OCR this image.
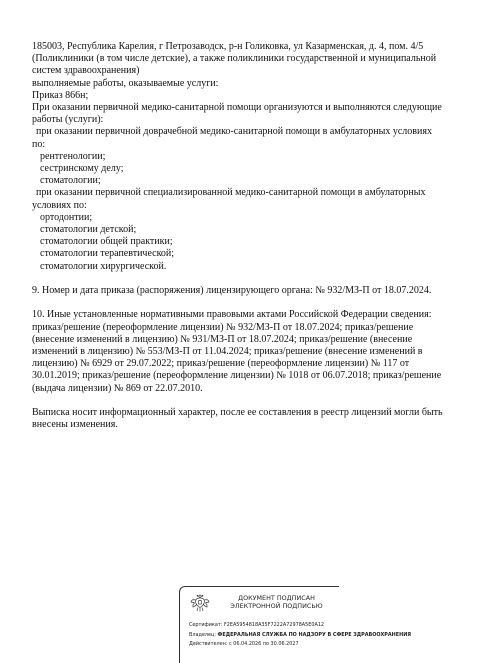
185003, Республика Карелия, г Петрозаводск, р-н Голиковка, ул Казарменская, д. 4, пом. 4/5
(Поликлиники (в том числе детские), а также поликлиники государственной и муниципальной
систем здравоохранения)
выполняемые работы, оказываемые услуги:
Приказ 866н;
При оказании первичной медико-санитарной помощи организуются и выполняются следующие
работы (услуги):
при оказании первичной доврачебной медико-санитарной помощи в амбулаторных условиях
по:
рентгенологии;
сестринскому делу;
стоматологии;
при оказании первичной специализированной медико-санитарной помощи в амбулаторных
условиях по:
ортодонтии;
стоматологии детской;
стоматологии общей практики;
стоматологии терапевтической;
стоматологии хирургической.
9. Номер и дата приказа (распоряжения) лицензирующего органа: № 932/МЗ-П от 18.07.2024.
10. Иные установленные нормативными правовыми актами Российской Федерации сведения:
приказ/решение (переоформление лицензии) № 932/МЗ-П от 18.07.2024; приказ/решение
(внесение изменений в лицензию) № 931/МЗ-П от 18.07.2024; приказ/решение (внесение
изменений в лицензию) № 553/МЗ-П от 11.04.2024; приказ/решение (внесение изменений в
лицензию) № 6929 от 29.07.2022; приказ/решение (переоформление лицензии) № 117 от
30.01.2019; приказ/решение (переоформление лицензии) № 1018 от 06.07.2018; приказ/решение
(выдача лицензии) № 869 от 22.07.2010.
Выписка носит информационный характер, после ее составления в реестр лицензий могли быть
внесены изменения.
ДОКУМЕНТ ПОДПИСАН
ЭЛЕКТРОННОЙ ПОДПИСЬЮ
Сертификат: F2EA5954818A35F7222A72978A5E0A12
Владелец: ФЕДЕРАЛЬНАЯ СЛУЖБА ПО НАДЗОРУ В СФЕРЕ ЗДРАВООХРАНЕНИЯ
Действителен: с 06.04.2026 по 30.06.2027
